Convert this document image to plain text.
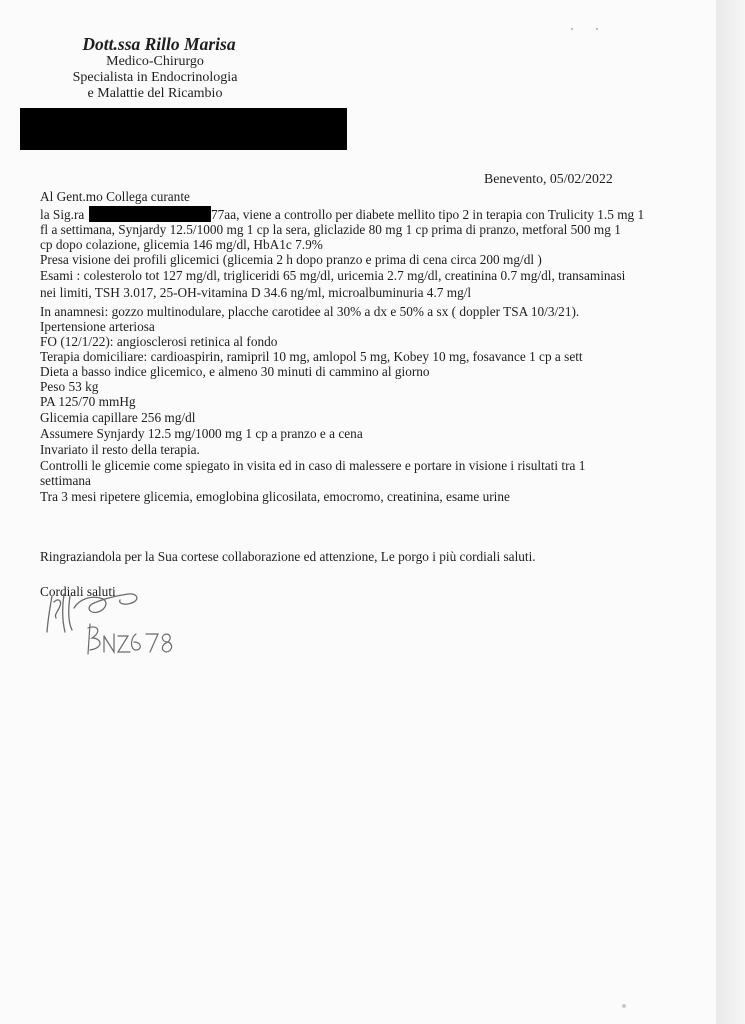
Dott.ssa Rillo Marisa
Medico-Chirurgo
Specialista in Endocrinologia
e Malattie del Ricambio
Benevento, 05/02/2022
Al Gent.mo Collega curante
la Sig.ra	77aa, viene a controllo per diabete mellito tipo 2 in terapia con Trulicity 1.5 mg 1
fl a settimana, Synjardy 12.5/1000 mg 1 cp la sera, gliclazide 80 mg 1 cp prima di pranzo, metforal 500 mg 1
cp dopo colazione, glicemia 146 mg/dl, HbA1c 7.9%
Presa visione dei profili glicemici (glicemia 2 h dopo pranzo e prima di cena circa 200 mg/dl )
Esami : colesterolo tot 127 mg/dl, trigliceridi 65 mg/dl, uricemia 2.7 mg/dl, creatinina 0.7 mg/dl, transaminasi
nei limiti, TSH 3.017, 25-OH-vitamina D 34.6 ng/ml, microalbuminuria 4.7 mg/l
In anamnesi: gozzo multinodulare, placche carotidee al 30% a dx e 50% a sx ( doppler TSA 10/3/21).
Ipertensione arteriosa
FO (12/1/22): angiosclerosi retinica al fondo
Terapia domiciliare: cardioaspirin, ramipril 10 mg, amlopol 5 mg, Kobey 10 mg, fosavance 1 cp a sett
Dieta a basso indice glicemico, e almeno 30 minuti di cammino al giorno
Peso 53 kg
PA 125/70 mmHg
Glicemia capillare 256 mg/dl
Assumere Synjardy 12.5 mg/1000 mg 1 cp a pranzo e a cena
Invariato il resto della terapia.
Controlli le glicemie come spiegato in visita ed in caso di malessere e portare in visione i risultati tra 1
settimana
Tra 3 mesi ripetere glicemia, emoglobina glicosilata, emocromo, creatinina, esame urine
Ringraziandola per la Sua cortese collaborazione ed attenzione, Le porgo i più cordiali saluti.
Cordiali saluti
